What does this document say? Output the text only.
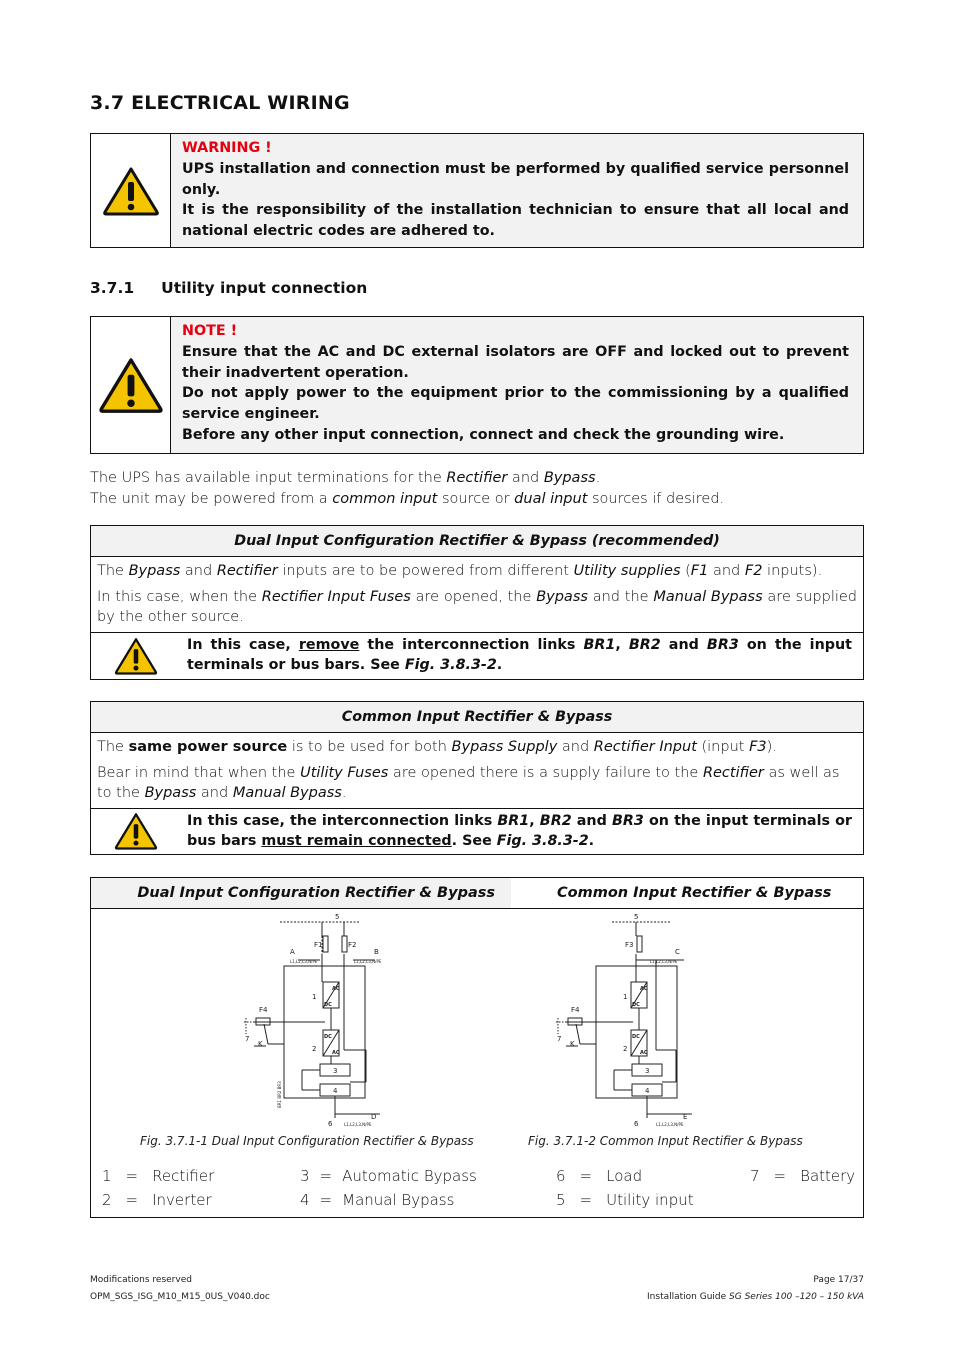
3.7 ELECTRICAL WIRING
WARNING !
UPS installation and connection must be performed by qualified service personnel only.
It is the responsibility of the installation technician to ensure that all local and national electric codes are adhered to.
3.7.1     Utility input connection
NOTE !
Ensure that the AC and DC external isolators are OFF and locked out to prevent their inadvertent operation.
Do not apply power to the equipment prior to the commissioning by a qualified service engineer.
Before any other input connection, connect and check the grounding wire.
The UPS has available input terminations for the Rectifier and Bypass.
The unit may be powered from a common input source or dual input sources if desired.
Dual Input Configuration Rectifier & Bypass (recommended)

The Bypass and Rectifier inputs are to be powered from different Utility supplies (F1 and F2 inputs).

In this case, when the Rectifier Input Fuses are opened, the Bypass and the Manual Bypass are supplied by the other source.

In this case, remove the interconnection links BR1, BR2 and BR3 on the input terminals or bus bars. See Fig. 3.8.3-2.
Common Input Rectifier & Bypass

The same power source is to be used for both Bypass Supply and Rectifier Input (input F3).

Bear in mind that when the Utility Fuses are opened there is a supply failure to the Rectifier as well as to the Bypass and Manual Bypass.

In this case, the interconnection links BR1, BR2 and BR3 on the input terminals or bus bars must remain connected. See Fig. 3.8.3-2.
Dual Input Configuration Rectifier & Bypass	Common Input Rectifier & Bypass
5
F1	F2
A	B
L1,L2,L3,N/PE	L1,L2,L3,N/PE
1
2
AC
DC
DC
AC
3
4
F4
7
K
6
D
L1,L2,L3,N/PE
BR1 BR2 BR3
5
F3
C
L1,L2,L3,N/PE
1
2
AC
DC
DC
AC
3
4
F4
7
K
6
E
L1,L2,L3,N/PE
Fig. 3.7.1-1 Dual Input Configuration Rectifier & Bypass	Fig. 3.7.1-2 Common Input Rectifier & Bypass
1 = Rectifier	3 = Automatic Bypass	6 = Load	7 = Battery
2 = Inverter	4 = Manual Bypass	5 = Utility input
Modifications reserved
OPM_SGS_ISG_M10_M15_0US_V040.doc
Page 17/37
Installation Guide SG Series 100 –120 – 150 kVA
